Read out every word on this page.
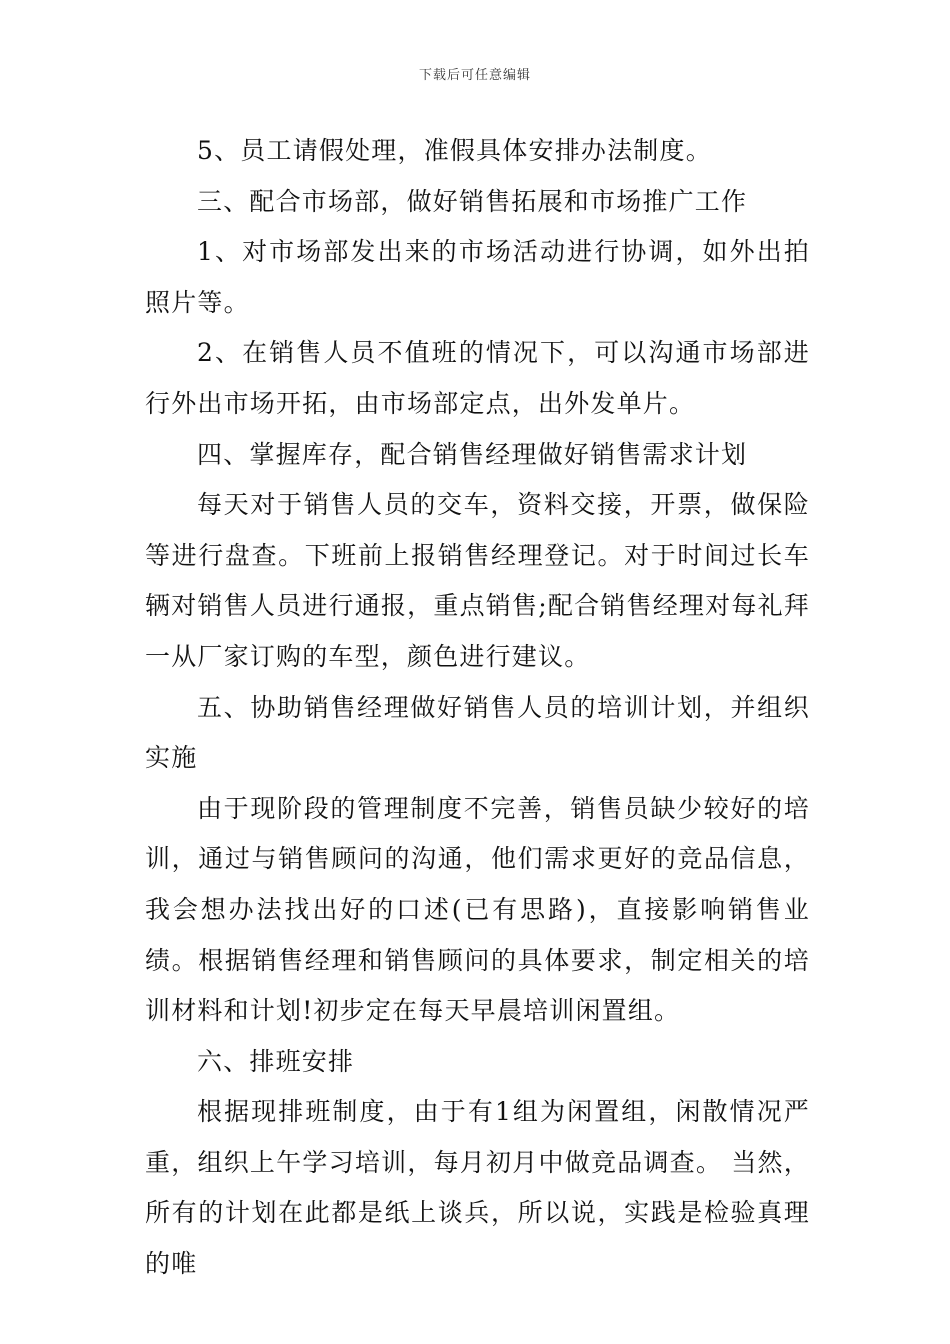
下载后可任意编辑

5、员工请假处理，准假具体安排办法制度。

三、配合市场部，做好销售拓展和市场推广工作

1、对市场部发出来的市场活动进行协调，如外出拍照片等。

2、在销售人员不值班的情况下，可以沟通市场部进行外出市场开拓，由市场部定点，出外发单片。

四、掌握库存，配合销售经理做好销售需求计划

每天对于销售人员的交车，资料交接，开票，做保险等进行盘查。下班前上报销售经理登记。对于时间过长车辆对销售人员进行通报，重点销售;配合销售经理对每礼拜一从厂家订购的车型，颜色进行建议。

五、协助销售经理做好销售人员的培训计划，并组织实施

由于现阶段的管理制度不完善，销售员缺少较好的培训，通过与销售顾问的沟通，他们需求更好的竞品信息，我会想办法找出好的口述(已有思路)，直接影响销售业绩。根据销售经理和销售顾问的具体要求，制定相关的培训材料和计划!初步定在每天早晨培训闲置组。

六、排班安排

根据现排班制度，由于有1组为闲置组，闲散情况严重，组织上午学习培训，每月初月中做竞品调查。 当然，所有的计划在此都是纸上谈兵，所以说，实践是检验真理的唯
